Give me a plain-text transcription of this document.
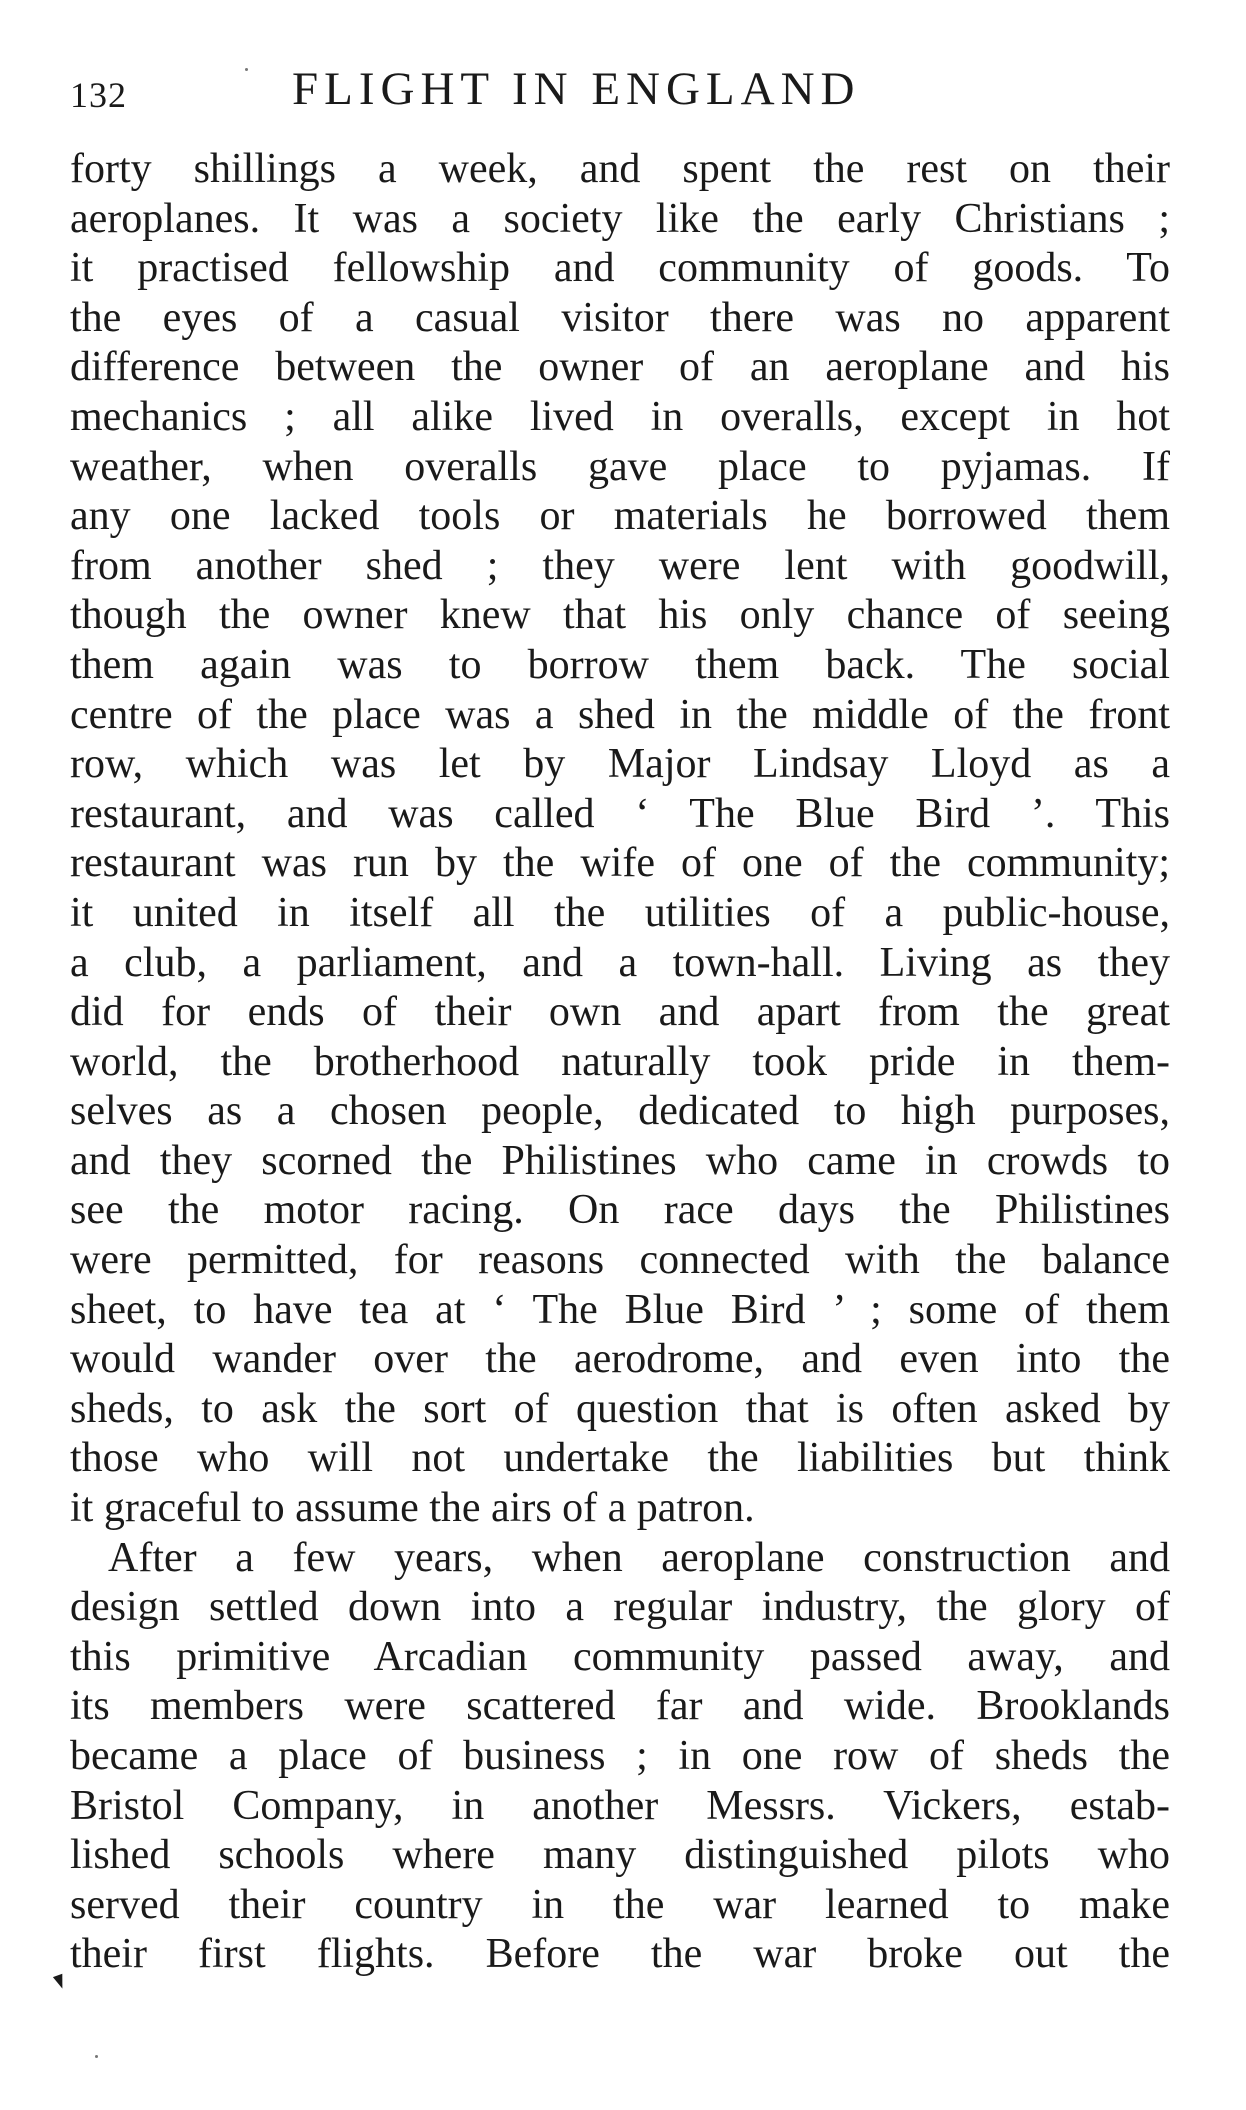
132	FLIGHT IN ENGLAND
forty shillings a week, and spent the rest on their
aeroplanes. It was a society like the early Christians ;
it practised fellowship and community of goods. To
the eyes of a casual visitor there was no apparent
difference between the owner of an aeroplane and his
mechanics ; all alike lived in overalls, except in hot
weather, when overalls gave place to pyjamas. If
any one lacked tools or materials he borrowed them
from another shed ; they were lent with goodwill,
though the owner knew that his only chance of seeing
them again was to borrow them back. The social
centre of the place was a shed in the middle of the front
row, which was let by Major Lindsay Lloyd as a
restaurant, and was called ‘ The Blue Bird ’. This
restaurant was run by the wife of one of the community;
it united in itself all the utilities of a public-house,
a club, a parliament, and a town-hall. Living as they
did for ends of their own and apart from the great
world, the brotherhood naturally took pride in them-
selves as a chosen people, dedicated to high purposes,
and they scorned the Philistines who came in crowds to
see the motor racing. On race days the Philistines
were permitted, for reasons connected with the balance
sheet, to have tea at ‘ The Blue Bird ’ ; some of them
would wander over the aerodrome, and even into the
sheds, to ask the sort of question that is often asked by
those who will not undertake the liabilities but think
it graceful to assume the airs of a patron.
After a few years, when aeroplane construction and
design settled down into a regular industry, the glory of
this primitive Arcadian community passed away, and
its members were scattered far and wide. Brooklands
became a place of business ; in one row of sheds the
Bristol Company, in another Messrs. Vickers, estab-
lished schools where many distinguished pilots who
served their country in the war learned to make
their first flights. Before the war broke out the
